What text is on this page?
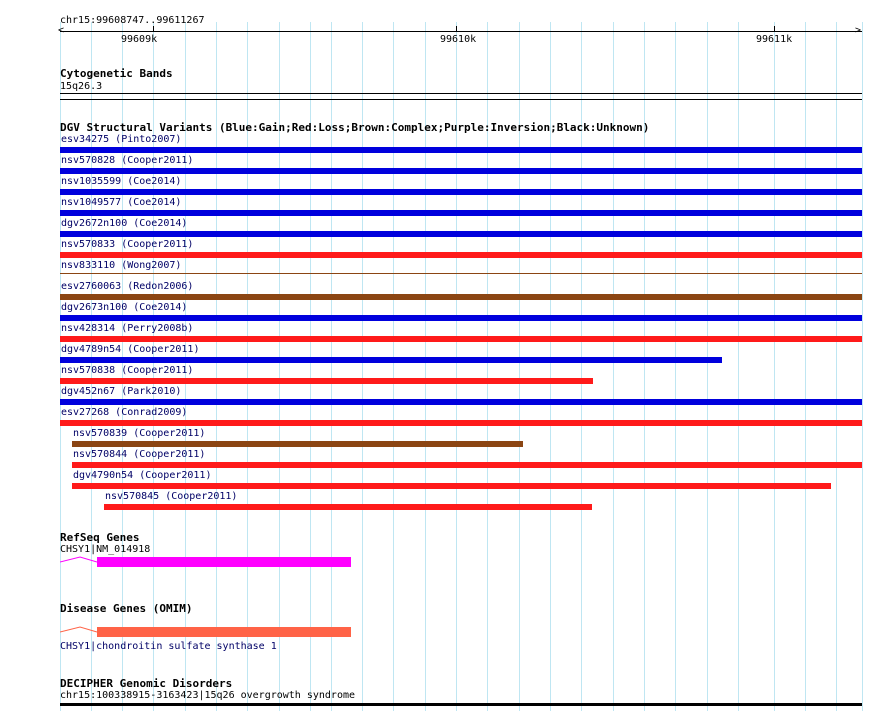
chr15:99608747..99611267
<	>
99609k	99610k	99611k
Cytogenetic Bands
15q26.3
DGV Structural Variants (Blue:Gain;Red:Loss;Brown:Complex;Purple:Inversion;Black:Unknown)
esv34275 (Pinto2007)
nsv570828 (Cooper2011)
nsv1035599 (Coe2014)
nsv1049577 (Coe2014)
dgv2672n100 (Coe2014)
nsv570833 (Cooper2011)
nsv833110 (Wong2007)
esv2760063 (Redon2006)
dgv2673n100 (Coe2014)
nsv428314 (Perry2008b)
dgv4789n54 (Cooper2011)
nsv570838 (Cooper2011)
dgv452n67 (Park2010)
esv27268 (Conrad2009)
nsv570839 (Cooper2011)
nsv570844 (Cooper2011)
dgv4790n54 (Cooper2011)
nsv570845 (Cooper2011)
RefSeq Genes
CHSY1|NM_014918
Disease Genes (OMIM)
CHSY1|chondroitin sulfate synthase 1
DECIPHER Genomic Disorders
chr15:100338915-3163423|15q26 overgrowth syndrome
